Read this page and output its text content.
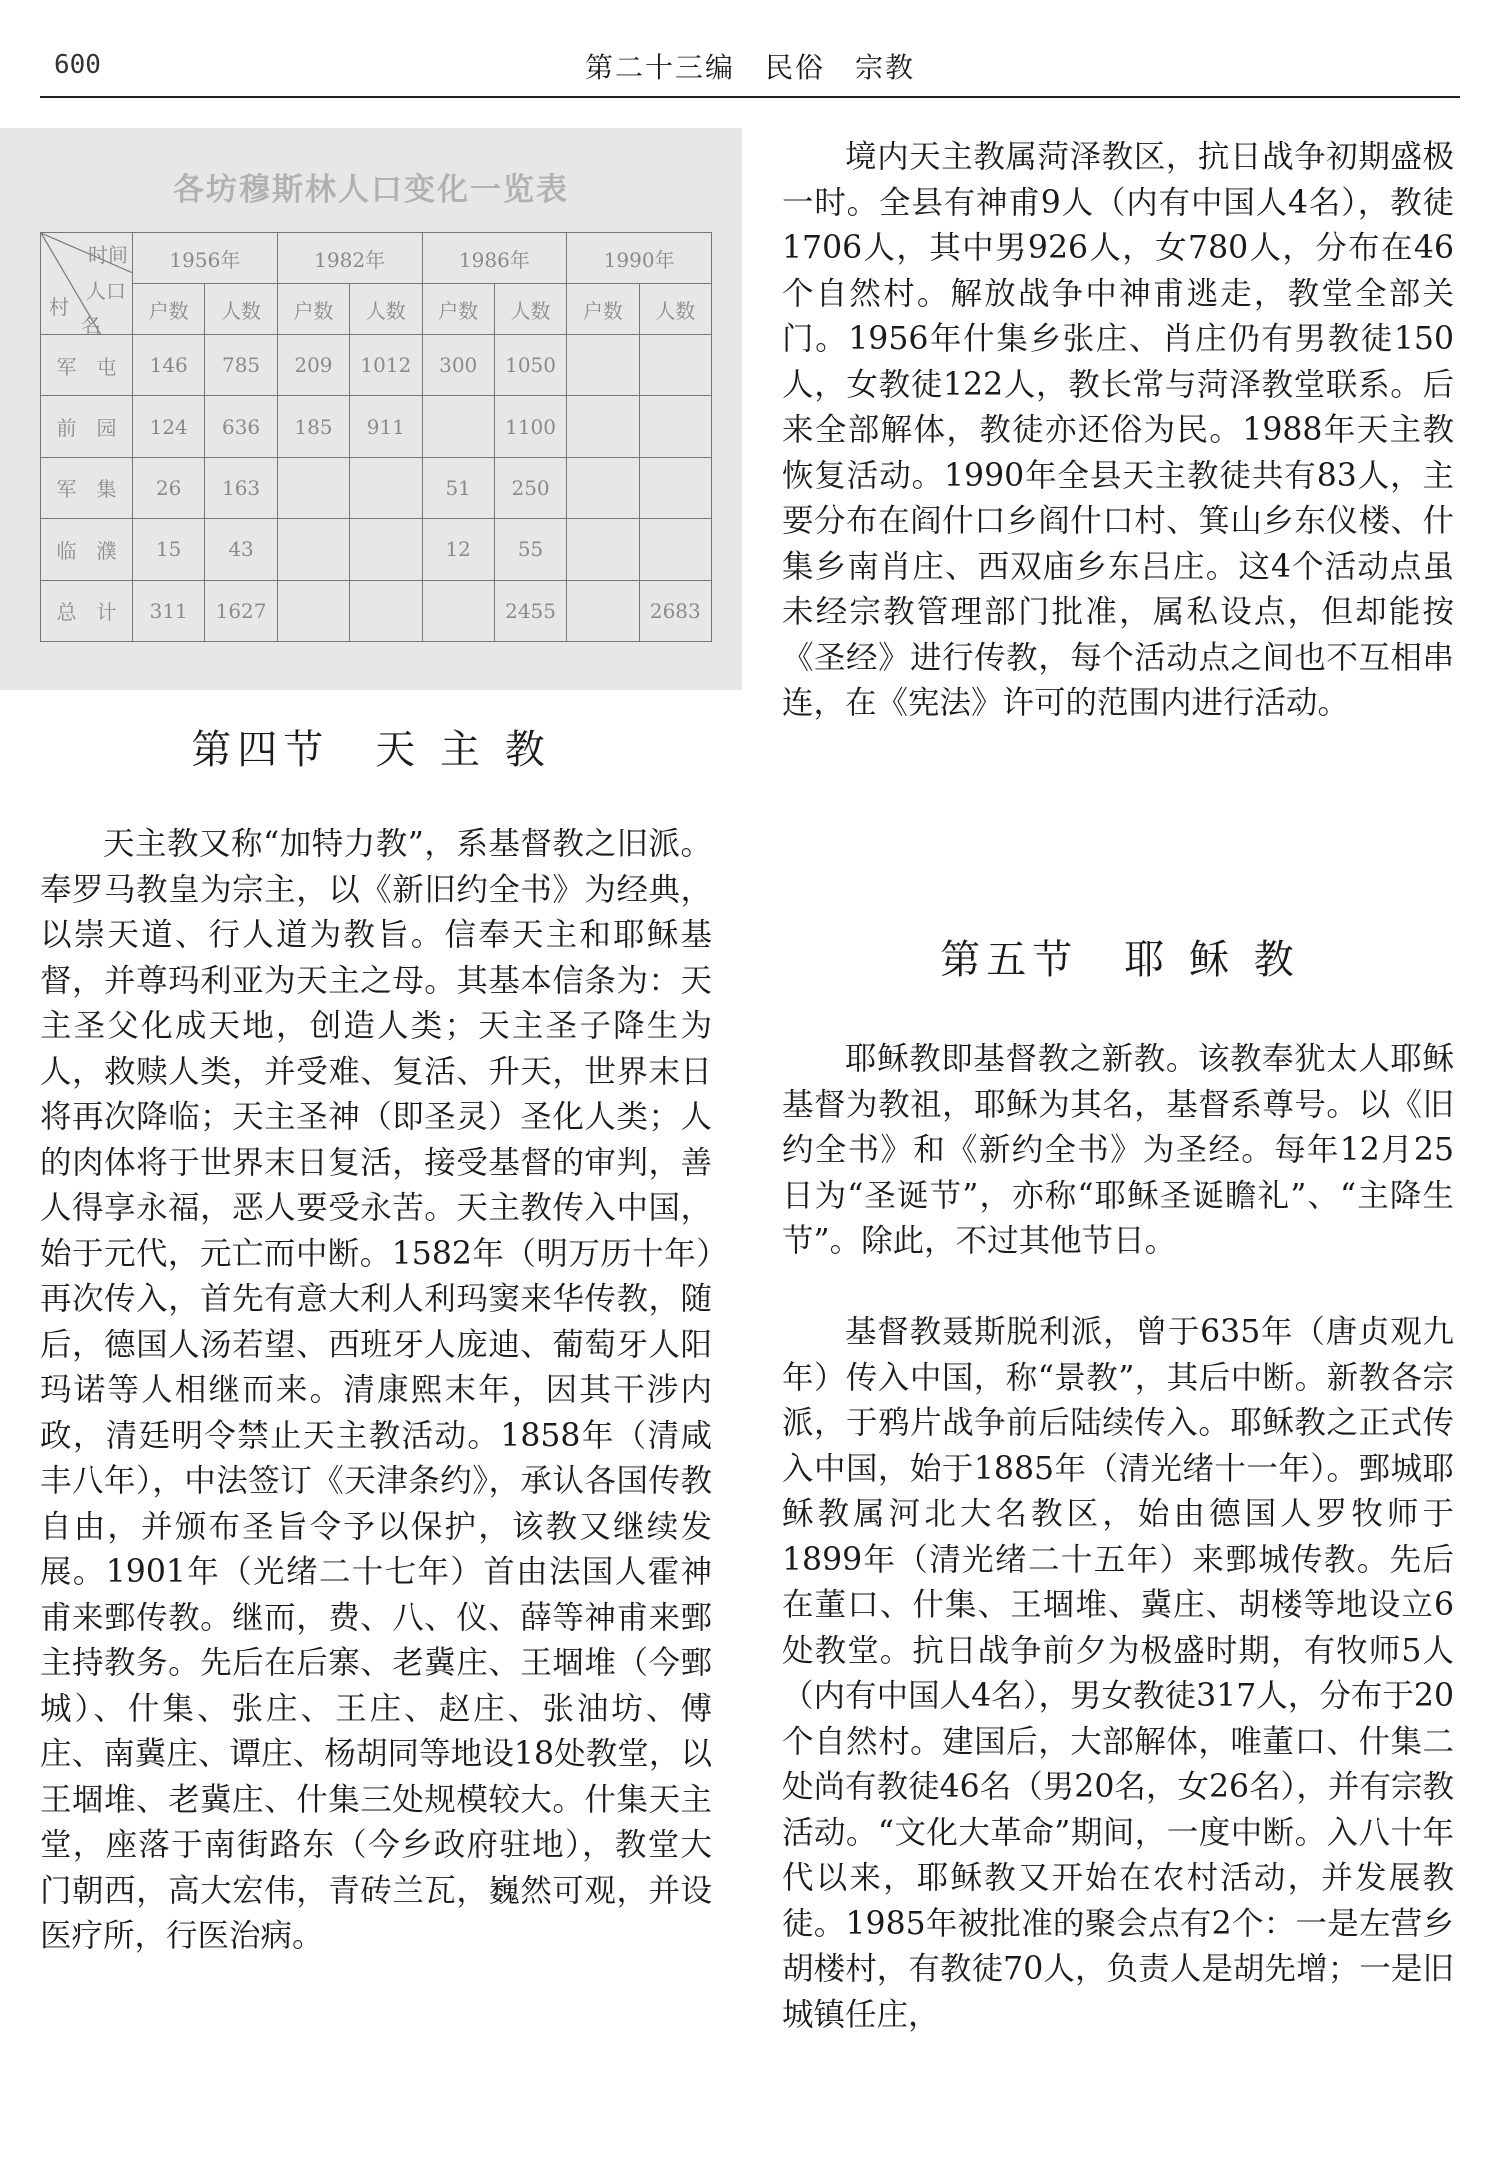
600	第二十三编　民俗　宗教
各坊穆斯林人口变化一览表
时间
人口
村
名	1956年		1982年		1986年		1990年	
	户数	人数	户数	人数	户数	人数	户数	人数
军　屯	146	785	209	1012	300	1050		
前　园	124	636	185	911		1100		
军　集	26	163			51	250		
临　濮	15	43			12	55		
总　计	311	1627				2455		2683
第四节　天 主 教

天主教又称“加特力教”，系基督教之旧派。奉罗马教皇为宗主，以《新旧约全书》为经典，以崇天道、行人道为教旨。信奉天主和耶稣基督，并尊玛利亚为天主之母。其基本信条为：天主圣父化成天地，创造人类；天主圣子降生为人，救赎人类，并受难、复活、升天，世界末日将再次降临；天主圣神（即圣灵）圣化人类；人的肉体将于世界末日复活，接受基督的审判，善人得享永福，恶人要受永苦。天主教传入中国，始于元代，元亡而中断。1582年（明万历十年）再次传入，首先有意大利人利玛窦来华传教，随后，德国人汤若望、西班牙人庞迪、葡萄牙人阳玛诺等人相继而来。清康熙末年，因其干涉内政，清廷明令禁止天主教活动。1858年（清咸丰八年），中法签订《天津条约》，承认各国传教自由，并颁布圣旨令予以保护，该教又继续发展。1901年（光绪二十七年）首由法国人霍神甫来鄄传教。继而，费、八、仪、薛等神甫来鄄主持教务。先后在后寨、老冀庄、王堌堆（今鄄城）、什集、张庄、王庄、赵庄、张油坊、傅庄、南冀庄、谭庄、杨胡同等地设18处教堂，以王堌堆、老冀庄、什集三处规模较大。什集天主堂，座落于南街路东（今乡政府驻地），教堂大门朝西，高大宏伟，青砖兰瓦，巍然可观，并设医疗所，行医治病。

境内天主教属菏泽教区，抗日战争初期盛极一时。全县有神甫9人（内有中国人4名），教徒1706人，其中男926人，女780人，分布在46个自然村。解放战争中神甫逃走，教堂全部关门。1956年什集乡张庄、肖庄仍有男教徒150人，女教徒122人，教长常与菏泽教堂联系。后来全部解体，教徒亦还俗为民。1988年天主教恢复活动。1990年全县天主教徒共有83人，主要分布在阎什口乡阎什口村、箕山乡东仪楼、什集乡南肖庄、西双庙乡东吕庄。这4个活动点虽未经宗教管理部门批准，属私设点，但却能按《圣经》进行传教，每个活动点之间也不互相串连，在《宪法》许可的范围内进行活动。

第五节　耶 稣 教

耶稣教即基督教之新教。该教奉犹太人耶稣基督为教祖，耶稣为其名，基督系尊号。以《旧约全书》和《新约全书》为圣经。每年12月25日为“圣诞节”，亦称“耶稣圣诞瞻礼”、“主降生节”。除此，不过其他节日。

基督教聂斯脱利派，曾于635年（唐贞观九年）传入中国，称“景教”，其后中断。新教各宗派，于鸦片战争前后陆续传入。耶稣教之正式传入中国，始于1885年（清光绪十一年）。鄄城耶稣教属河北大名教区，始由德国人罗牧师于1899年（清光绪二十五年）来鄄城传教。先后在董口、什集、王堌堆、冀庄、胡楼等地设立6处教堂。抗日战争前夕为极盛时期，有牧师5人（内有中国人4名），男女教徒317人，分布于20个自然村。建国后，大部解体，唯董口、什集二处尚有教徒46名（男20名，女26名），并有宗教活动。“文化大革命”期间，一度中断。入八十年代以来，耶稣教又开始在农村活动，并发展教徒。1985年被批准的聚会点有2个：一是左营乡胡楼村，有教徒70人，负责人是胡先增；一是旧城镇任庄，
